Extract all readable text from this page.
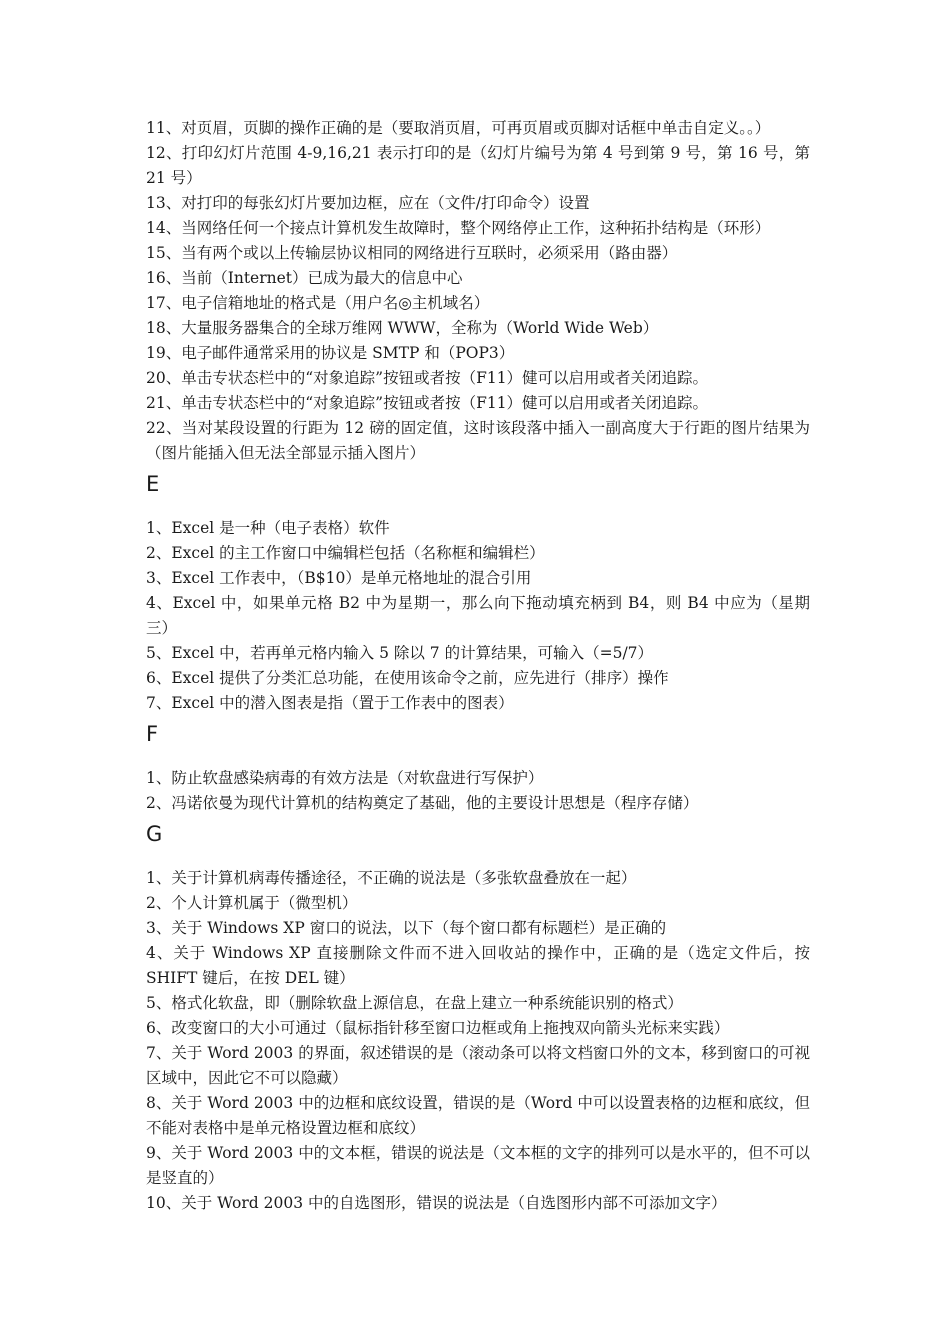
11、对页眉，页脚的操作正确的是（要取消页眉，可再页眉或页脚对话框中单击自定义。。）

12、打印幻灯片范围 4-9,16,21 表示打印的是（幻灯片编号为第 4 号到第 9 号，第 16 号，第 21 号）

13、对打印的每张幻灯片要加边框，应在（文件/打印命令）设置

14、当网络任何一个接点计算机发生故障时，整个网络停止工作，这种拓扑结构是（环形）

15、当有两个或以上传输层协议相同的网络进行互联时，必须采用（路由器）

16、当前（Internet）已成为最大的信息中心

17、电子信箱地址的格式是（用户名◎主机域名）

18、大量服务器集合的全球万维网 WWW，全称为（World Wide Web）

19、电子邮件通常采用的协议是 SMTP 和（POP3）

20、单击专状态栏中的“对象追踪”按钮或者按（F11）健可以启用或者关闭追踪。

21、单击专状态栏中的“对象追踪”按钮或者按（F11）健可以启用或者关闭追踪。

22、当对某段设置的行距为 12 磅的固定值，这时该段落中插入一副高度大于行距的图片结果为（图片能插入但无法全部显示插入图片）

E

1、Excel 是一种（电子表格）软件

2、Excel 的主工作窗口中编辑栏包括（名称框和编辑栏）

3、Excel 工作表中，（B$10）是单元格地址的混合引用

4、Excel 中，如果单元格 B2 中为星期一，那么向下拖动填充柄到 B4，则 B4 中应为（星期三）

5、Excel 中，若再单元格内输入 5 除以 7 的计算结果，可输入（=5/7）

6、Excel 提供了分类汇总功能，在使用该命令之前，应先进行（排序）操作

7、Excel 中的潜入图表是指（置于工作表中的图表）

F

1、防止软盘感染病毒的有效方法是（对软盘进行写保护）

2、冯诺依曼为现代计算机的结构奠定了基础，他的主要设计思想是（程序存储）

G

1、关于计算机病毒传播途径，不正确的说法是（多张软盘叠放在一起）

2、个人计算机属于（微型机）

3、关于 Windows XP 窗口的说法，以下（每个窗口都有标题栏）是正确的

4、关于 Windows XP 直接删除文件而不进入回收站的操作中，正确的是（选定文件后，按 SHIFT 键后，在按 DEL 键）

5、格式化软盘，即（删除软盘上源信息，在盘上建立一种系统能识别的格式）

6、改变窗口的大小可通过（鼠标指针移至窗口边框或角上拖拽双向箭头光标来实践）

7、关于 Word 2003 的界面，叙述错误的是（滚动条可以将文档窗口外的文本，移到窗口的可视区域中，因此它不可以隐藏）

8、关于 Word 2003 中的边框和底纹设置，错误的是（Word 中可以设置表格的边框和底纹，但不能对表格中是单元格设置边框和底纹）

9、关于 Word 2003 中的文本框，错误的说法是（文本框的文字的排列可以是水平的，但不可以是竖直的）

10、关于 Word 2003 中的自选图形，错误的说法是（自选图形内部不可添加文字）
